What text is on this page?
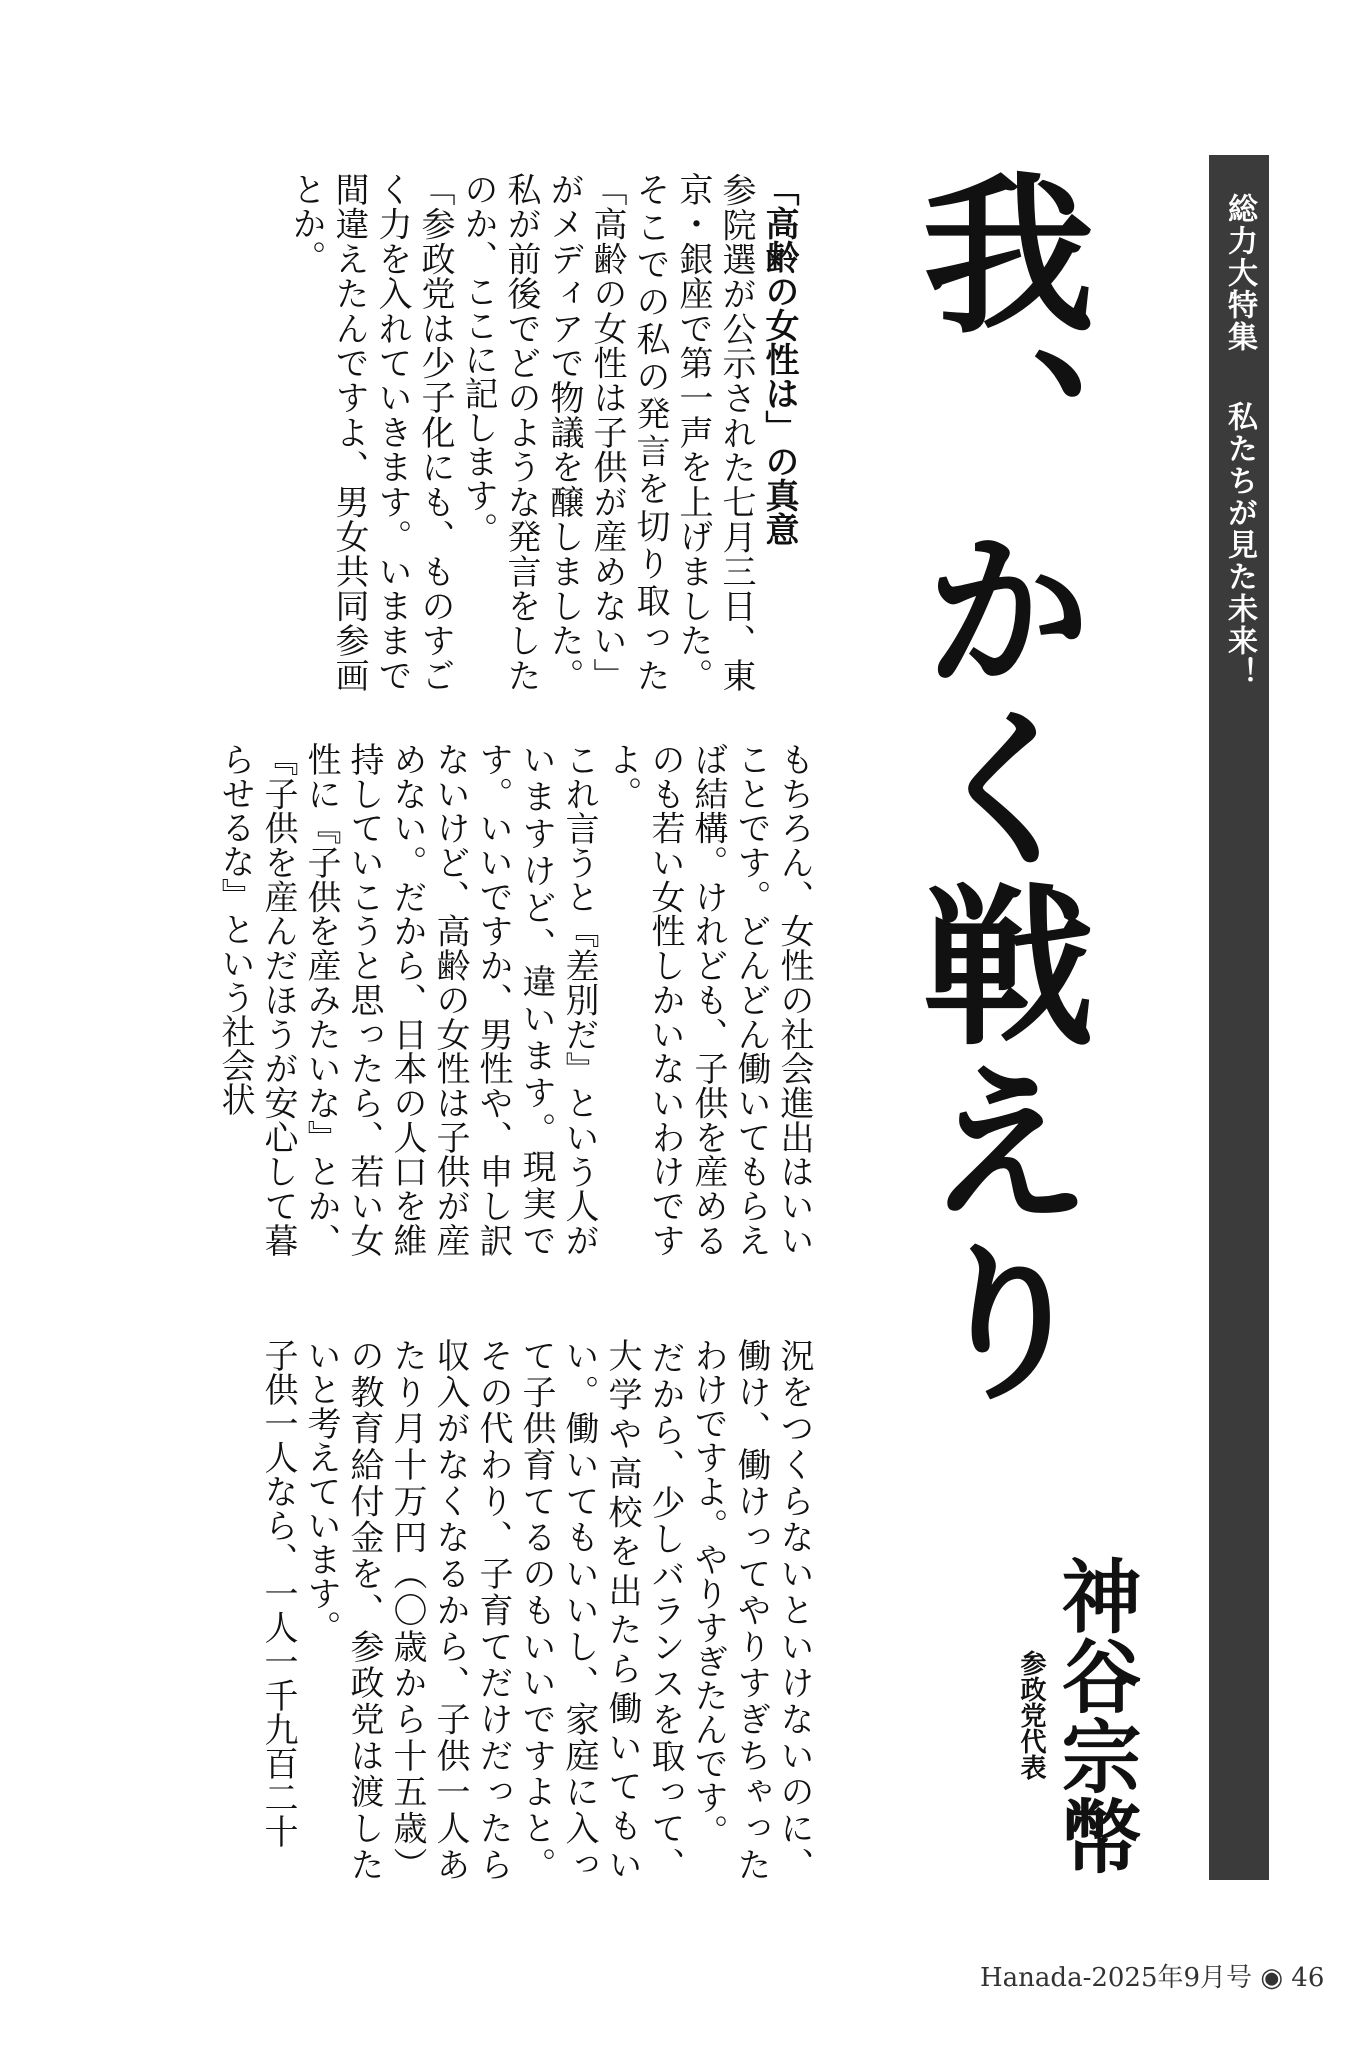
総力大特集私たちが見た未来！
我、かく戦えり
神谷宗幣
参政党代表
「高齢の女性は」の真意
参院選が公示された七月三日、東京・銀座で第一声を上げました。そこでの私の発言を切り取った「高齢の女性は子供が産めない」がメディアで物議を醸しました。私が前後でどのような発言をしたのか、ここに記します。
「参政党は少子化にも、ものすごく力を入れていきます。いままで間違えたんですよ、男女共同参画とか。
もちろん、女性の社会進出はいいことです。どんどん働いてもらえば結構。けれども、子供を産めるのも若い女性しかいないわけですよ。
これ言うと『差別だ』という人がいますけど、違います。現実です。いいですか、男性や、申し訳ないけど、高齢の女性は子供が産めない。だから、日本の人口を維持していこうと思ったら、若い女性に『子供を産みたいな』とか、『子供を産んだほうが安心して暮らせるな』という社会状
況をつくらないといけないのに、働け、働けってやりすぎちゃったわけですよ。やりすぎたんです。
だから、少しバランスを取って、大学や高校を出たら働いてもいい。働いてもいいし、家庭に入って子供育てるのもいいですよと。その代わり、子育てだけだったら収入がなくなるから、子供一人あたり月十万円（〇歳から十五歳）の教育給付金を、参政党は渡したいと考えています。
子供一人なら、一人一千九百二十
Hanada-2025年9月号 ◉ 46
